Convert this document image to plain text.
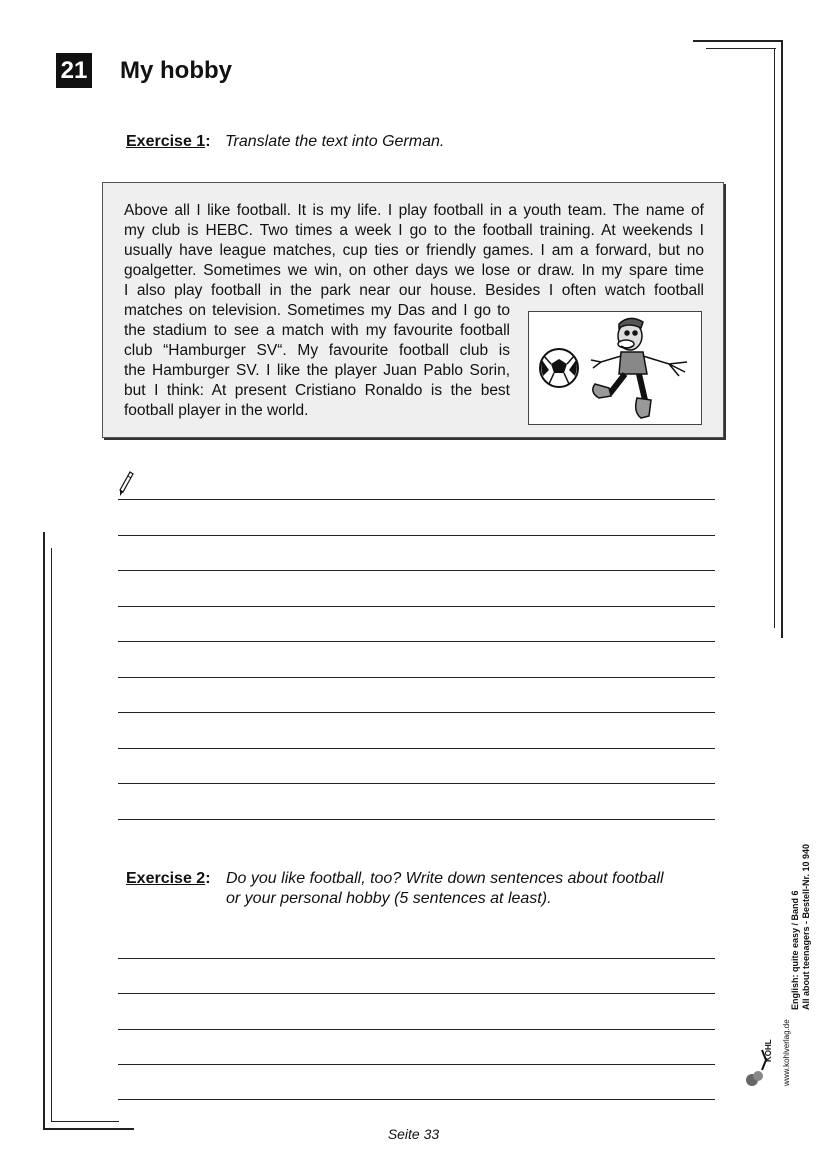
21 My hobby
Exercise 1: Translate the text into German.
Above all I like football. It is my life. I play football in a youth team. The name of
my club is HEBC. Two times a week I go to the football training. At weekends I
usually have league matches, cup ties or friendly games. I am a forward, but no
goalgetter. Sometimes we win, on other days we lose or draw. In my spare time
I also play football in the park near our house. Besides I often watch football
matches on television. Sometimes my Das and I go to
the stadium to see a match with my favourite football
club “Hamburger SV“. My favourite football club is
the Hamburger SV. I like the player Juan Pablo Sorin,
but I think: At present Cristiano Ronaldo is the best
football player in the world.
Exercise 2: Do you like football, too? Write down sentences about football
or your personal hobby (5 sentences at least).	English: quite easy / Band 6 All about teenagers - Bestell-Nr. 10 940
KOHL www.kohlverlag.de
Seite 33
